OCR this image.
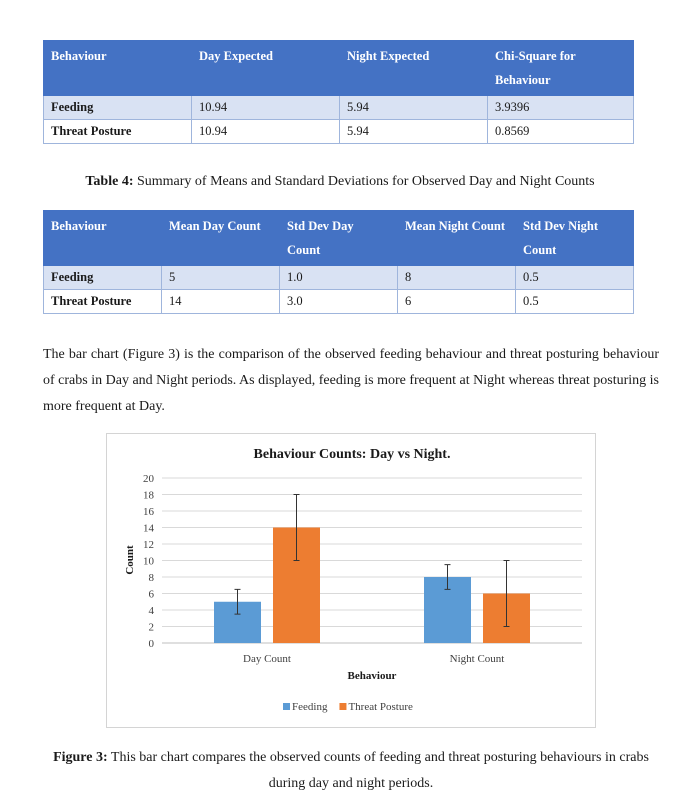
Behaviour	Day Expected	Night Expected	Chi-Square for Behaviour
Feeding	10.94	5.94	3.9396
Threat Posture	10.94	5.94	0.8569
Table 4: Summary of Means and Standard Deviations for Observed Day and Night Counts
Behaviour	Mean Day Count	Std Dev Day Count	Mean Night Count	Std Dev Night Count
Feeding	5	1.0	8	0.5
Threat Posture	14	3.0	6	0.5

The bar chart (Figure 3) is the comparison of the observed feeding behaviour and threat posturing behaviour of crabs in Day and Night periods. As displayed, feeding is more frequent at Night whereas threat posturing is more frequent at Day.

Behaviour Counts: Day vs Night.
Count
Behaviour
0
2
4
6
8
10
12
14
16
18
20
Day Count	Night Count
Feeding Threat Posture
Figure 3: This bar chart compares the observed counts of feeding and threat posturing behaviours in crabs during day and night periods.
